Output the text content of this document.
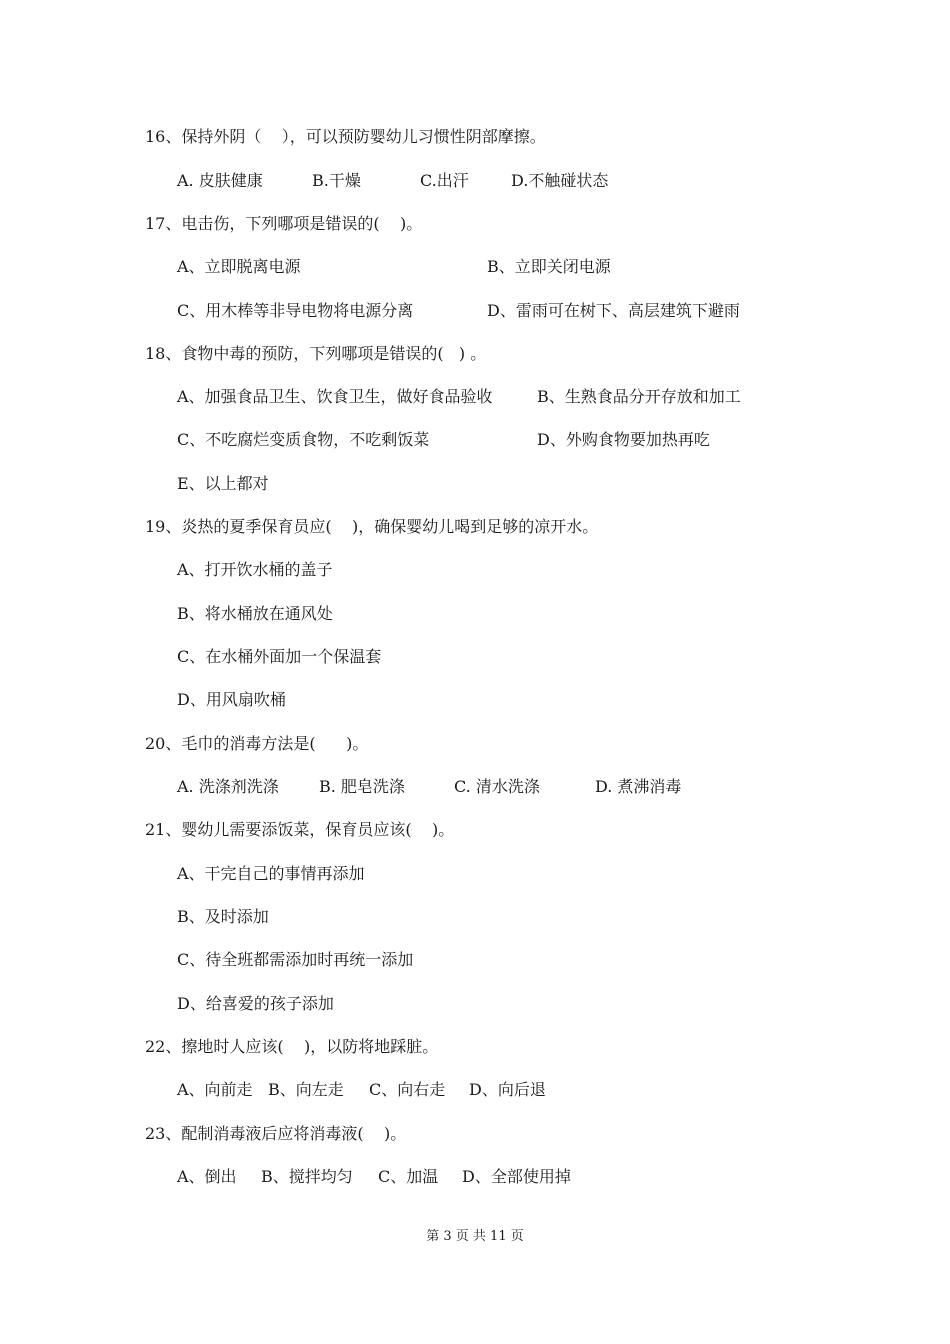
16、保持外阴（    ），可以预防婴幼儿习惯性阴部摩擦。
A. 皮肤健康	B.干燥	C.出汗	D.不触碰状态
17、电击伤，下列哪项是错误的(    )。
A、立即脱离电源	B、立即关闭电源
C、用木棒等非导电物将电源分离	D、雷雨可在树下、高层建筑下避雨
18、食物中毒的预防，下列哪项是错误的(   ) 。
A、加强食品卫生、饮食卫生，做好食品验收	B、生熟食品分开存放和加工
C、不吃腐烂变质食物，不吃剩饭菜	D、外购食物要加热再吃
E、以上都对
19、炎热的夏季保育员应(    )，确保婴幼儿喝到足够的凉开水。
A、打开饮水桶的盖子
B、将水桶放在通风处
C、在水桶外面加一个保温套
D、用风扇吹桶
20、毛巾的消毒方法是(      )。
A. 洗涤剂洗涤	B. 肥皂洗涤	C. 清水洗涤	D. 煮沸消毒
21、婴幼儿需要添饭菜，保育员应该(    )。
A、干完自己的事情再添加
B、及时添加
C、待全班都需添加时再统一添加
D、给喜爱的孩子添加
22、擦地时人应该(    )，以防将地踩脏。
A、向前走 B、向左走 C、向右走 D、向后退
23、配制消毒液后应将消毒液(    )。
A、倒出 B、搅拌均匀 C、加温 D、全部使用掉
第 3 页 共 11 页
